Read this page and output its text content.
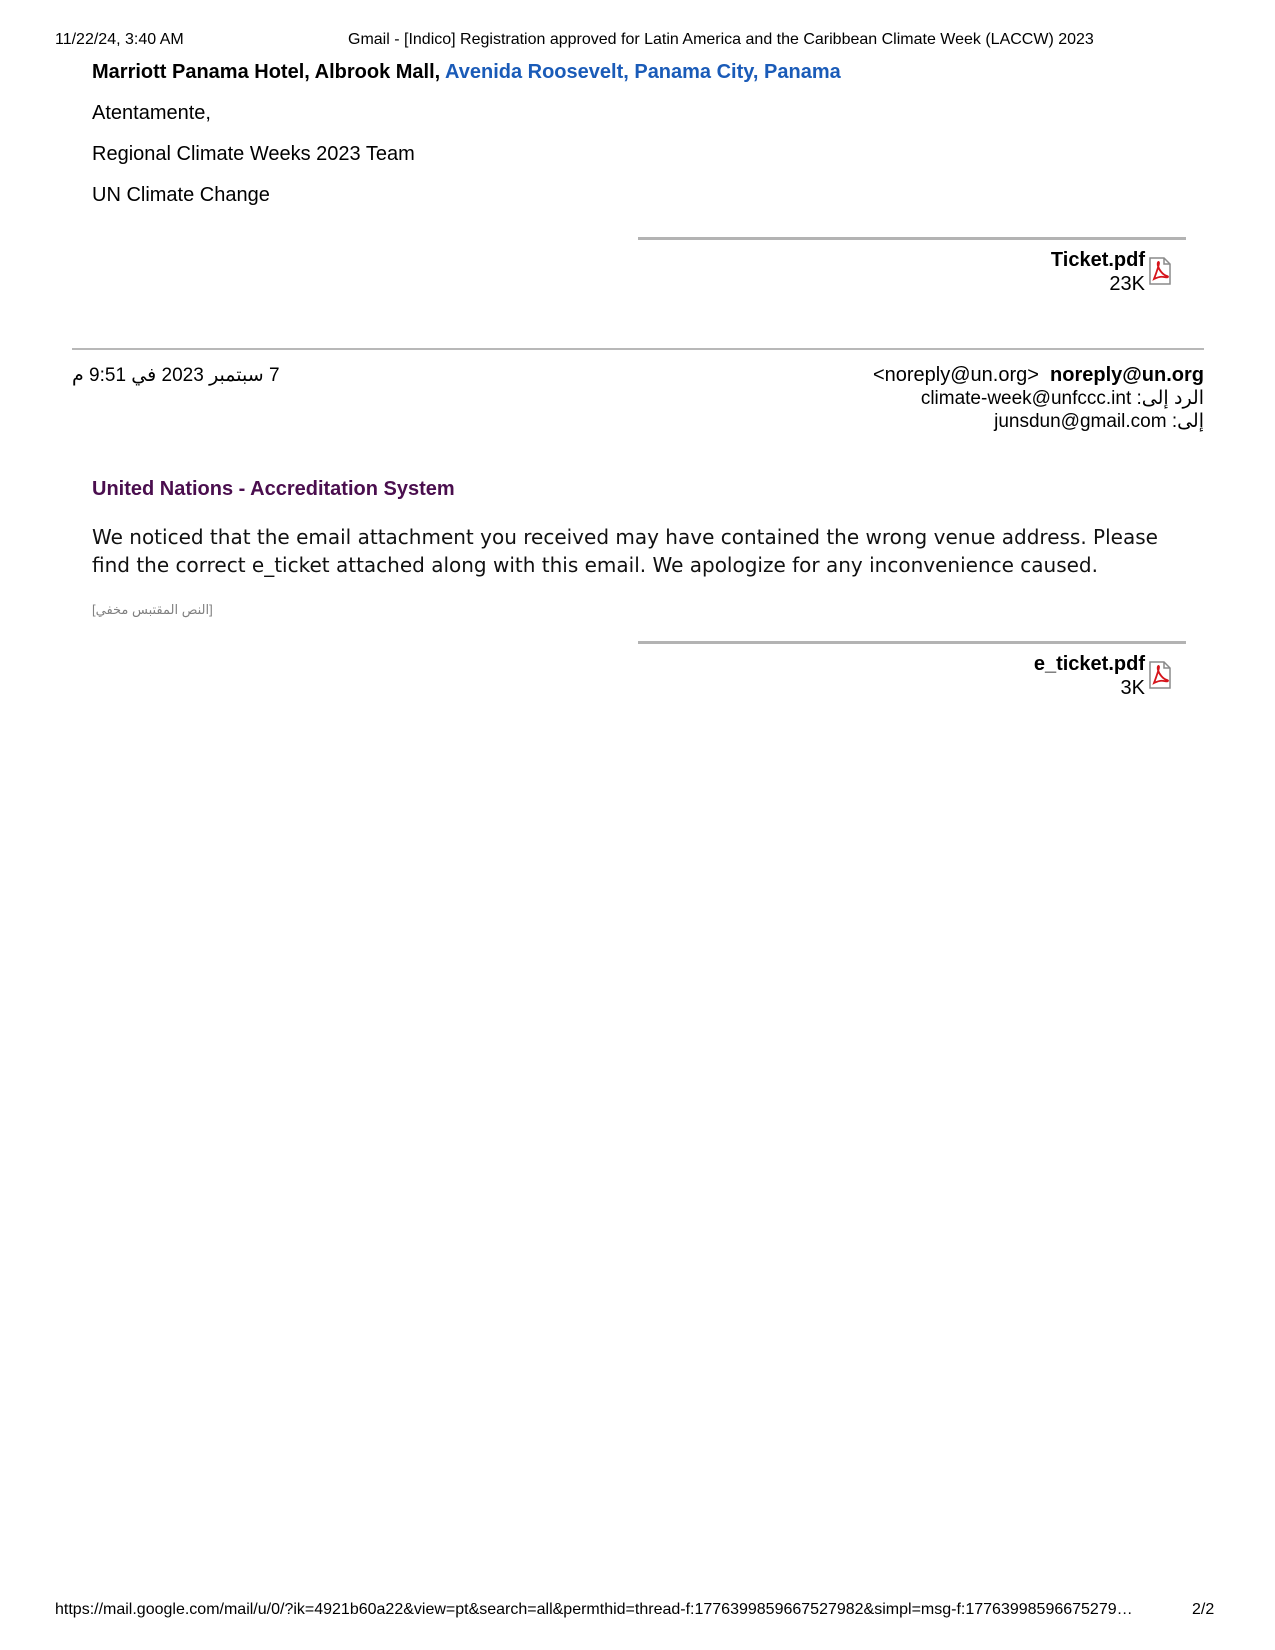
11/22/24, 3:40 AM	Gmail - [Indico] Registration approved for Latin America and the Caribbean Climate Week (LACCW) 2023
Marriott Panama Hotel, Albrook Mall, Avenida Roosevelt, Panama City, Panama
Atentamente,
Regional Climate Weeks 2023 Team
UN Climate Change
Ticket.pdf
23K
7 سبتمبر 2023 في 9:51 م	<noreply@un.org> noreply@un.org
الرد إلى: climate-week@unfccc.int
إلى: junsdun@gmail.com
United Nations - Accreditation System
We noticed that the email attachment you received may have contained the wrong venue address. Please find the correct e_ticket attached along with this email. We apologize for any inconvenience caused.
[النص المقتبس مخفي]
e_ticket.pdf
3K
https://mail.google.com/mail/u/0/?ik=4921b60a22&view=pt&search=all&permthid=thread-f:1776399859667527982&simpl=msg-f:17763998596675279…	2/2
